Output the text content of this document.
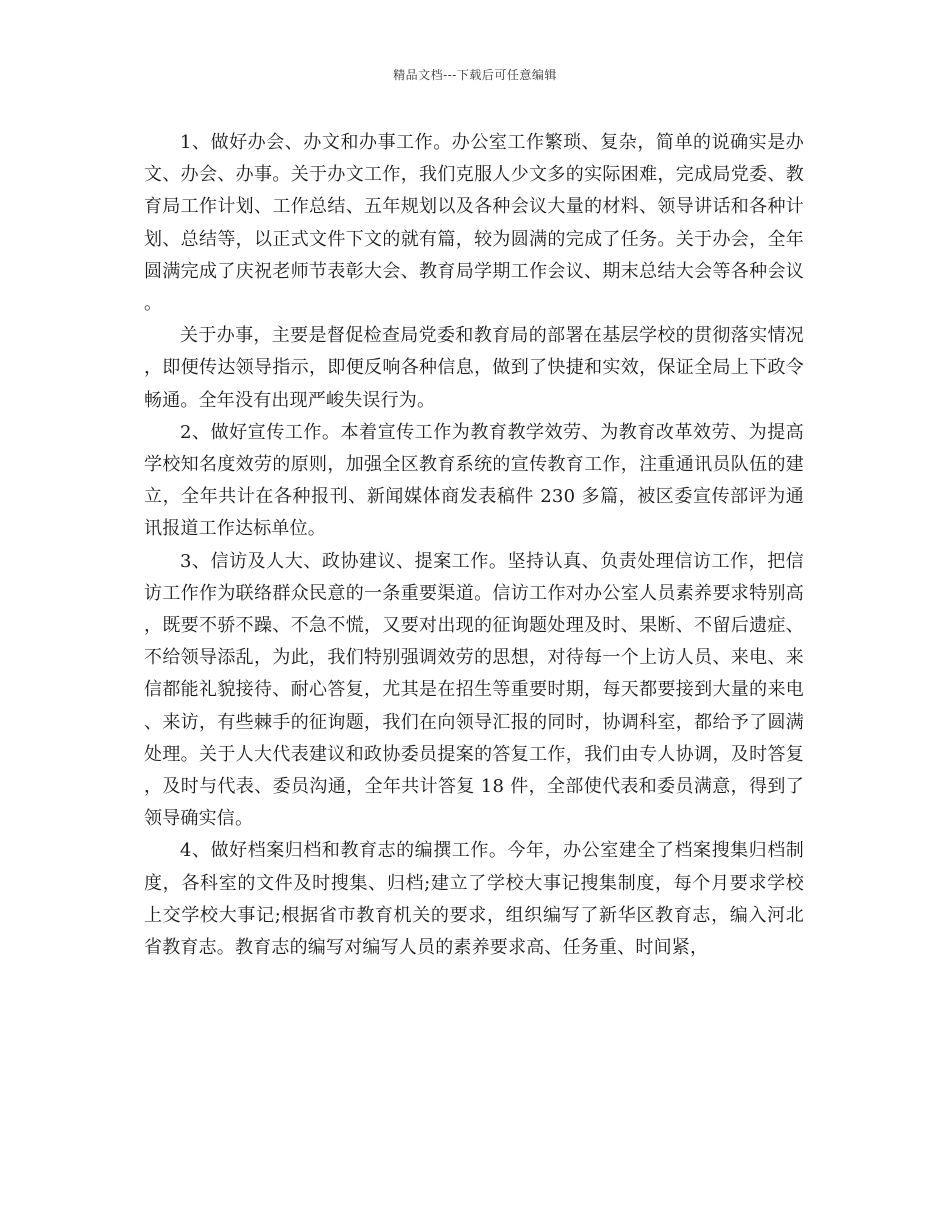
精品文档---下载后可任意编辑

1、做好办会、办文和办事工作。办公室工作繁琐、复杂，简单的说确实是办文、办会、办事。关于办文工作，我们克服人少文多的实际困难，完成局党委、教育局工作计划、工作总结、五年规划以及各种会议大量的材料、领导讲话和各种计划、总结等，以正式文件下文的就有篇，较为圆满的完成了任务。关于办会，全年圆满完成了庆祝老师节表彰大会、教育局学期工作会议、期末总结大会等各种会议。

关于办事，主要是督促检查局党委和教育局的部署在基层学校的贯彻落实情况，即便传达领导指示，即便反响各种信息，做到了快捷和实效，保证全局上下政令畅通。全年没有出现严峻失误行为。

2、做好宣传工作。本着宣传工作为教育教学效劳、为教育改革效劳、为提高学校知名度效劳的原则，加强全区教育系统的宣传教育工作，注重通讯员队伍的建立，全年共计在各种报刊、新闻媒体商发表稿件 230 多篇，被区委宣传部评为通讯报道工作达标单位。

3、信访及人大、政协建议、提案工作。坚持认真、负责处理信访工作，把信访工作作为联络群众民意的一条重要渠道。信访工作对办公室人员素养要求特别高，既要不骄不躁、不急不慌，又要对出现的征询题处理及时、果断、不留后遗症、不给领导添乱，为此，我们特别强调效劳的思想，对待每一个上访人员、来电、来信都能礼貌接待、耐心答复，尤其是在招生等重要时期，每天都要接到大量的来电、来访，有些棘手的征询题，我们在向领导汇报的同时，协调科室，都给予了圆满处理。关于人大代表建议和政协委员提案的答复工作，我们由专人协调，及时答复，及时与代表、委员沟通，全年共计答复 18 件，全部使代表和委员满意，得到了领导确实信。

4、做好档案归档和教育志的编撰工作。今年，办公室建全了档案搜集归档制度，各科室的文件及时搜集、归档;建立了学校大事记搜集制度，每个月要求学校上交学校大事记;根据省市教育机关的要求，组织编写了新华区教育志，编入河北省教育志。教育志的编写对编写人员的素养要求高、任务重、时间紧，
